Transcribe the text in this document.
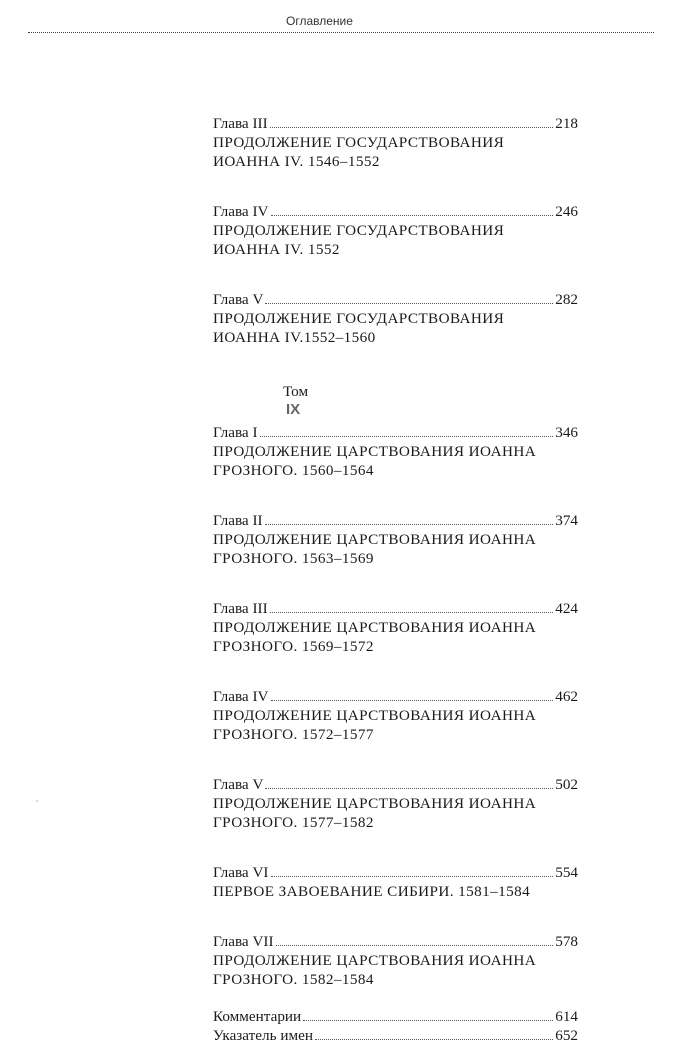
Оглавление
Глава III	218
ПРОДОЛЖЕНИЕ ГОСУДАРСТВОВАНИЯ
ИОАННА IV. 1546–1552
Глава IV	246
ПРОДОЛЖЕНИЕ ГОСУДАРСТВОВАНИЯ
ИОАННА IV. 1552
Глава V	282
ПРОДОЛЖЕНИЕ ГОСУДАРСТВОВАНИЯ
ИОАННА IV.1552–1560
Том
IX
Глава I	346
ПРОДОЛЖЕНИЕ ЦАРСТВОВАНИЯ ИОАННА
ГРОЗНОГО. 1560–1564
Глава II	374
ПРОДОЛЖЕНИЕ ЦАРСТВОВАНИЯ ИОАННА
ГРОЗНОГО. 1563–1569
Глава III	424
ПРОДОЛЖЕНИЕ ЦАРСТВОВАНИЯ ИОАННА
ГРОЗНОГО. 1569–1572
Глава IV	462
ПРОДОЛЖЕНИЕ ЦАРСТВОВАНИЯ ИОАННА
ГРОЗНОГО. 1572–1577
Глава V	502
ПРОДОЛЖЕНИЕ ЦАРСТВОВАНИЯ ИОАННА
ГРОЗНОГО. 1577–1582
Глава VI	554
ПЕРВОЕ ЗАВОЕВАНИЕ СИБИРИ. 1581–1584
Глава VII	578
ПРОДОЛЖЕНИЕ ЦАРСТВОВАНИЯ ИОАННА
ГРОЗНОГО. 1582–1584
Комментарии	614
Указатель имен	652
